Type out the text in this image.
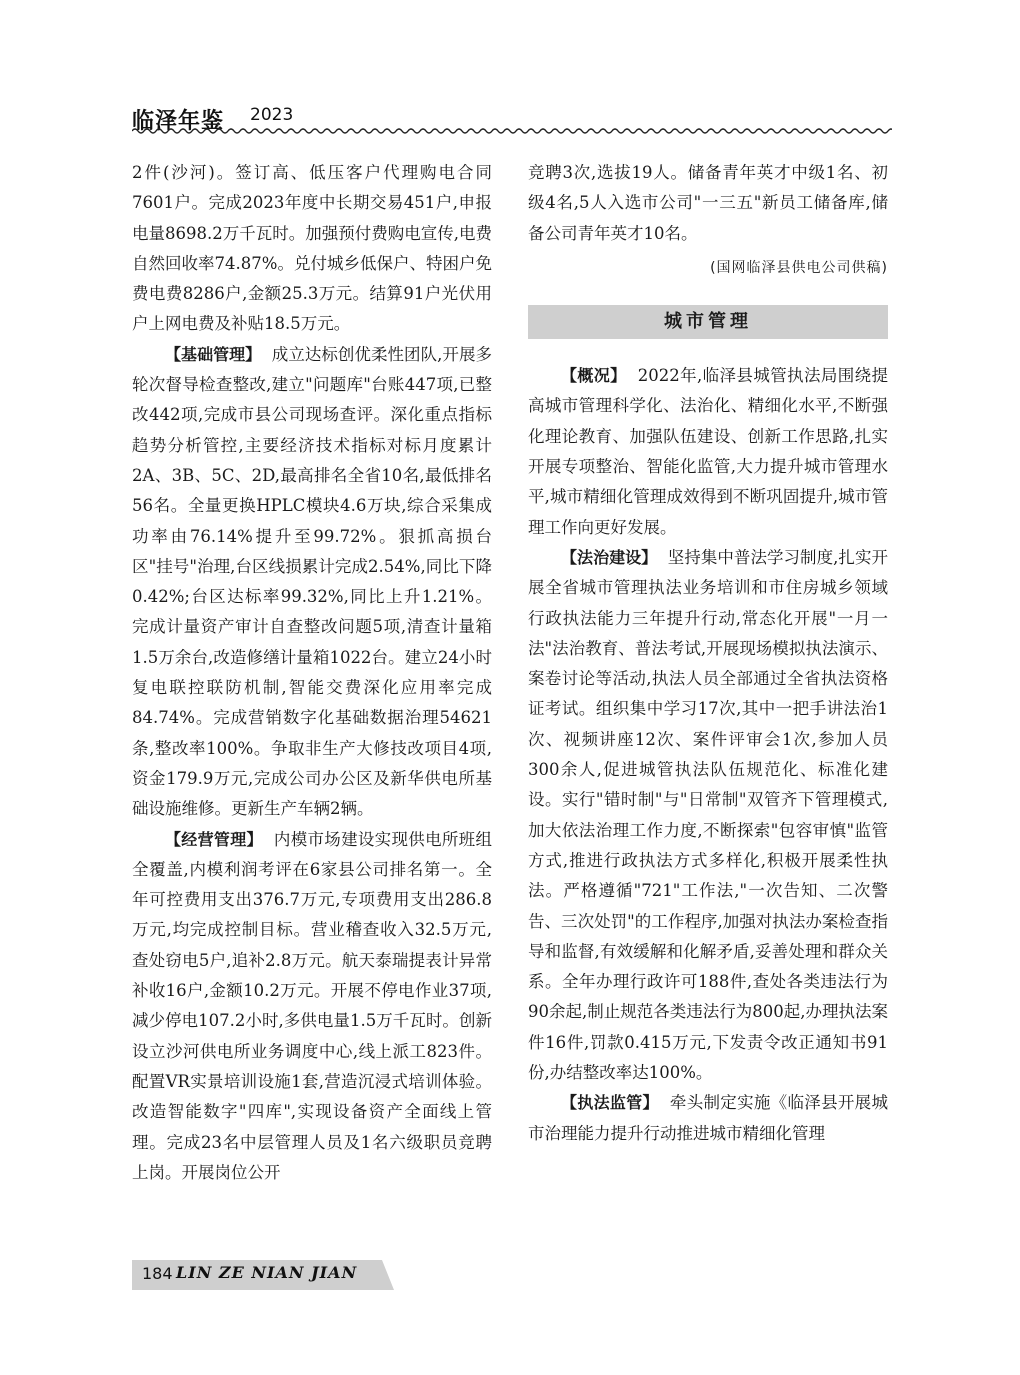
临泽年鉴 2023

2件(沙河)。签订高、低压客户代理购电合同7601户。完成2023年度中长期交易451户,申报电量8698.2万千瓦时。加强预付费购电宣传,电费自然回收率74.87%。兑付城乡低保户、特困户免费电费8286户,金额25.3万元。结算91户光伏用户上网电费及补贴18.5万元。

【基础管理】 成立达标创优柔性团队,开展多轮次督导检查整改,建立"问题库"台账447项,已整改442项,完成市县公司现场查评。深化重点指标趋势分析管控,主要经济技术指标对标月度累计2A、3B、5C、2D,最高排名全省10名,最低排名56名。全量更换HPLC模块4.6万块,综合采集成功率由76.14%提升至99.72%。狠抓高损台区"挂号"治理,台区线损累计完成2.54%,同比下降0.42%;台区达标率99.32%,同比上升1.21%。完成计量资产审计自查整改问题5项,清查计量箱1.5万余台,改造修缮计量箱1022台。建立24小时复电联控联防机制,智能交费深化应用率完成84.74%。完成营销数字化基础数据治理54621条,整改率100%。争取非生产大修技改项目4项,资金179.9万元,完成公司办公区及新华供电所基础设施维修。更新生产车辆2辆。

【经营管理】 内模市场建设实现供电所班组全覆盖,内模利润考评在6家县公司排名第一。全年可控费用支出376.7万元,专项费用支出286.8万元,均完成控制目标。营业稽查收入32.5万元,查处窃电5户,追补2.8万元。航天泰瑞提表计异常补收16户,金额10.2万元。开展不停电作业37项,减少停电107.2小时,多供电量1.5万千瓦时。创新设立沙河供电所业务调度中心,线上派工823件。配置VR实景培训设施1套,营造沉浸式培训体验。改造智能数字"四库",实现设备资产全面线上管理。完成23名中层管理人员及1名六级职员竞聘上岗。开展岗位公开

竞聘3次,选拔19人。储备青年英才中级1名、初级4名,5人入选市公司"一三五"新员工储备库,储备公司青年英才10名。

(国网临泽县供电公司供稿)
城市管理

【概况】 2022年,临泽县城管执法局围绕提高城市管理科学化、法治化、精细化水平,不断强化理论教育、加强队伍建设、创新工作思路,扎实开展专项整治、智能化监管,大力提升城市管理水平,城市精细化管理成效得到不断巩固提升,城市管理工作向更好发展。

【法治建设】 坚持集中普法学习制度,扎实开展全省城市管理执法业务培训和市住房城乡领域行政执法能力三年提升行动,常态化开展"一月一法"法治教育、普法考试,开展现场模拟执法演示、案卷讨论等活动,执法人员全部通过全省执法资格证考试。组织集中学习17次,其中一把手讲法治1次、视频讲座12次、案件评审会1次,参加人员300余人,促进城管执法队伍规范化、标准化建设。实行"错时制"与"日常制"双管齐下管理模式,加大依法治理工作力度,不断探索"包容审慎"监管方式,推进行政执法方式多样化,积极开展柔性执法。严格遵循"721"工作法,"一次告知、二次警告、三次处罚"的工作程序,加强对执法办案检查指导和监督,有效缓解和化解矛盾,妥善处理和群众关系。全年办理行政许可188件,查处各类违法行为90余起,制止规范各类违法行为800起,办理执法案件16件,罚款0.415万元,下发责令改正通知书91份,办结整改率达100%。

【执法监管】 牵头制定实施《临泽县开展城市治理能力提升行动推进城市精细化管理

184 LIN ZE NIAN JIAN
